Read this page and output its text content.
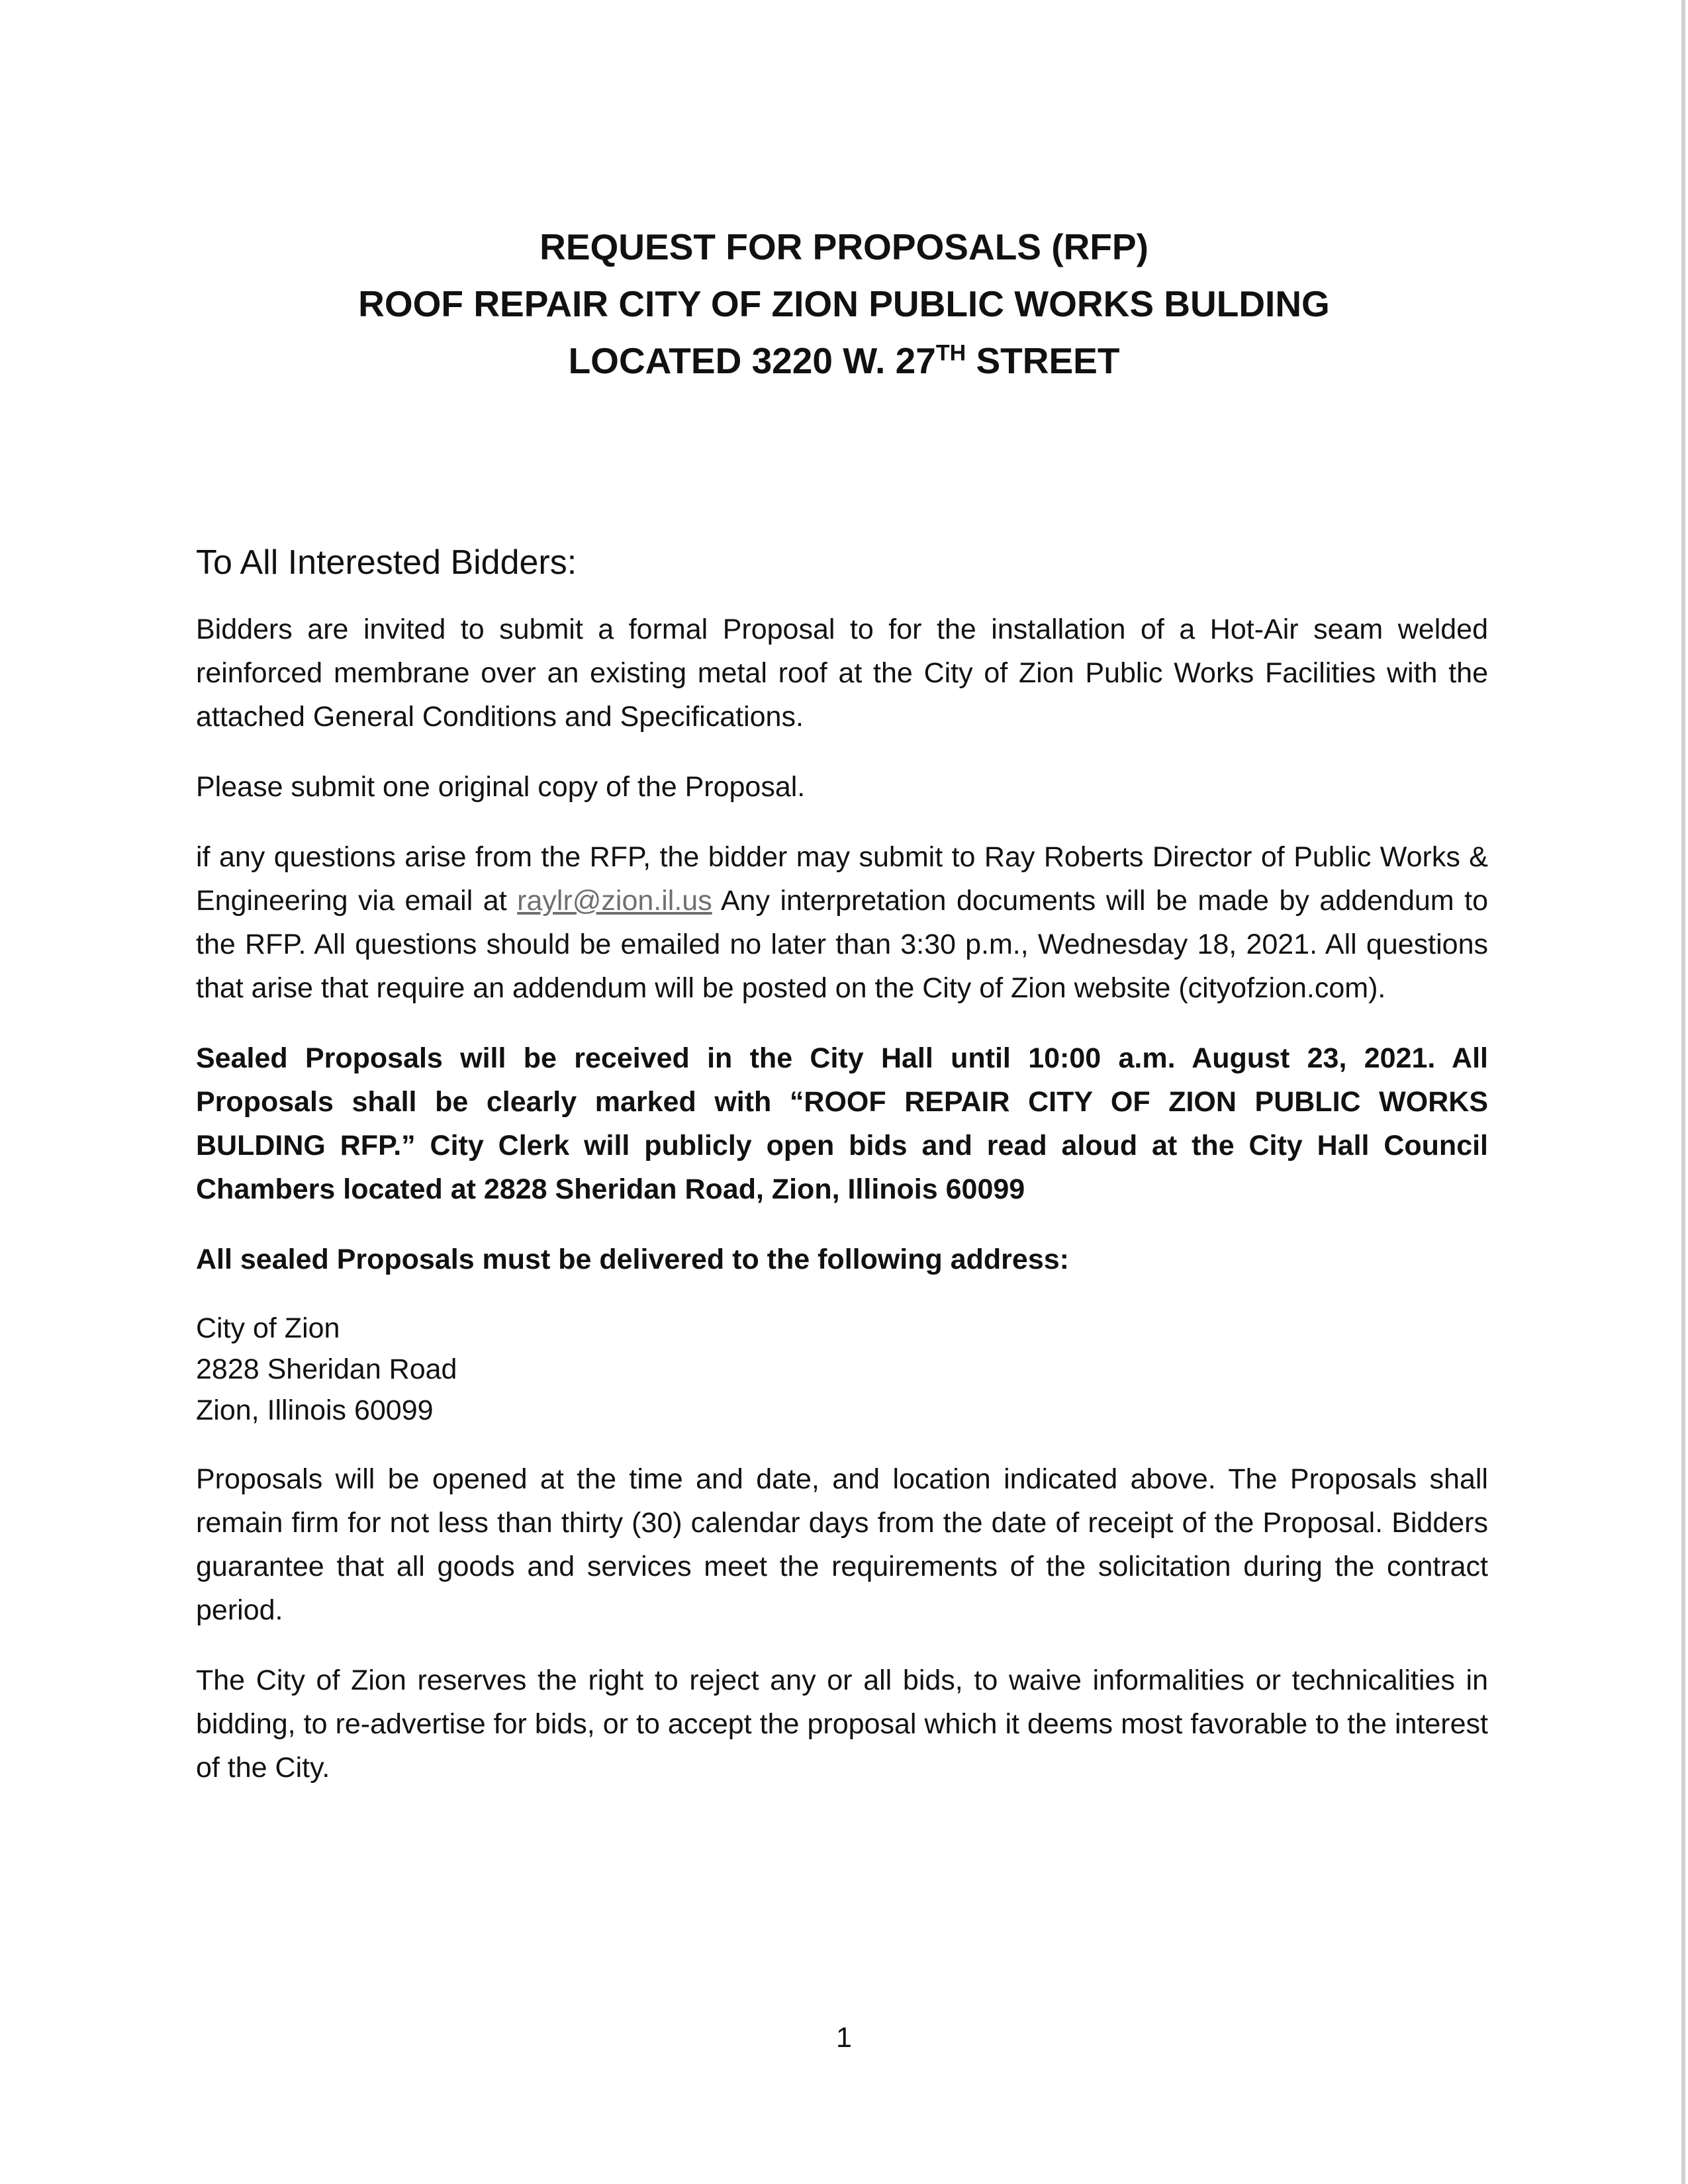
REQUEST FOR PROPOSALS (RFP)
ROOF REPAIR CITY OF ZION PUBLIC WORKS BULDING
LOCATED 3220 W. 27TH STREET
To All Interested Bidders:

Bidders are invited to submit a formal Proposal to for the installation of a Hot-Air seam welded reinforced membrane over an existing metal roof at the City of Zion Public Works Facilities with the attached General Conditions and Specifications.

Please submit one original copy of the Proposal.

if any questions arise from the RFP, the bidder may submit to Ray Roberts Director of Public Works & Engineering via email at raylr@zion.il.us Any interpretation documents will be made by addendum to the RFP. All questions should be emailed no later than 3:30 p.m., Wednesday 18, 2021. All questions that arise that require an addendum will be posted on the City of Zion website (cityofzion.com).

Sealed Proposals will be received in the City Hall until 10:00 a.m. August 23, 2021. All Proposals shall be clearly marked with “ROOF REPAIR CITY OF ZION PUBLIC WORKS BULDING RFP.” City Clerk will publicly open bids and read aloud at the City Hall Council Chambers located at 2828 Sheridan Road, Zion, Illinois 60099

All sealed Proposals must be delivered to the following address:

City of Zion
2828 Sheridan Road
Zion, Illinois 60099

Proposals will be opened at the time and date, and location indicated above. The Proposals shall remain firm for not less than thirty (30) calendar days from the date of receipt of the Proposal. Bidders guarantee that all goods and services meet the requirements of the solicitation during the contract period.

The City of Zion reserves the right to reject any or all bids, to waive informalities or technicalities in bidding, to re-advertise for bids, or to accept the proposal which it deems most favorable to the interest of the City.

1
